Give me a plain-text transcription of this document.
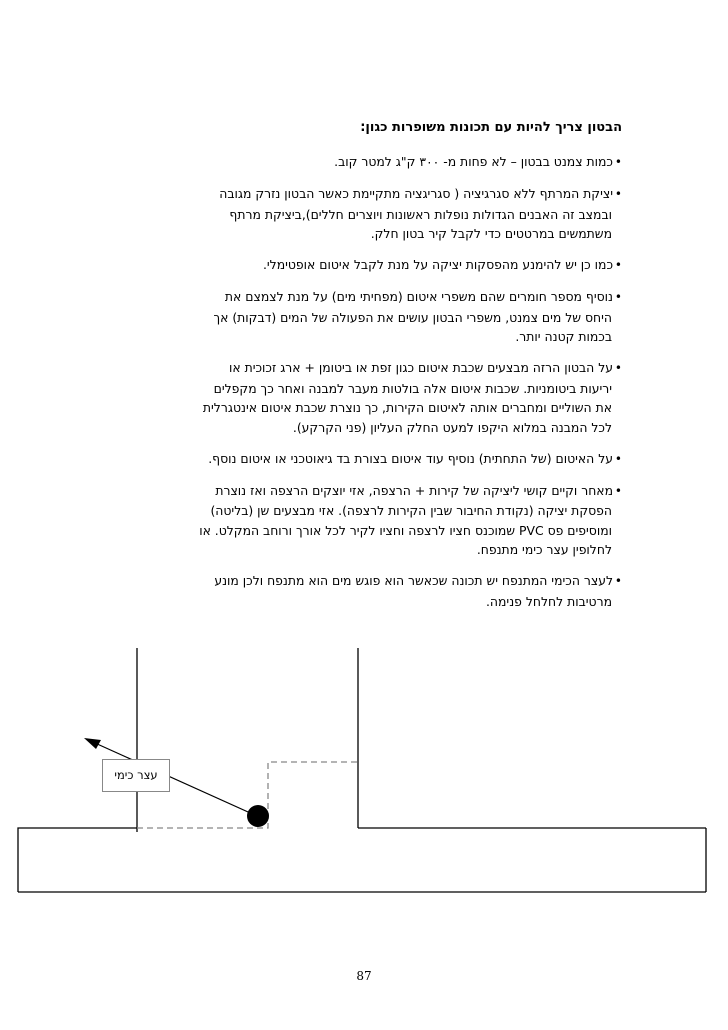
הבטון צריך להיות עם תכונות משופרות כגון:
•כמות צמנט בבטון – לא פחות מ- ٣٠٠ ק"ג למטר קוב.
•יציקת המרתף ללא סגרגיציה ( סגריגציה מתקיימת כאשר הבטון נזרק מגובה
ובמצב זה האבנים הגדולות נופלות ראשונות ויוצרים חללים),ביציקת מרתף
משתמשים במרטטים כדי לקבל קיר בטון חלק.
•כמו כן יש להימנע מהפסקות יציקה על מנת לקבל איטום אופטימלי.
•נוסיף מספר חומרים שהם משפרי איטום (מפחיתי מים) על מנת לצמצם את
היחס של מים צמנט, משפרי הבטון עושים את הפעולה של המים (דבקות) אך
בכמות קטנה יותר.
•על הבטון הרזה מבצעים שכבת איטום כגון זפת או ביטומן + ארג זכוכית או
יריעות ביטומניות. שכבות איטום אלה בולטות מעבר למבנה ואחר כך מקפלים
את השוליים ומחברים אותה לאיטום הקירות, כך נוצרת שכבת איטום אינטגרלית
לכל המבנה במלוא היקפו למעט החלק העליון (פני הקרקע).
•על האיטום (של התחתית) נוסיף עוד איטום בצורת בד גיאוטכני או איטום נוסף.
•מאחר וקיים קושי ליציקה של קירות + הרצפה, אזי יוצקים הרצפה ואז נוצרת
הפסקת יציקה (נקודת החיבור שבין הקירות לרצפה). אזי מבצעים שן (בליטה)
ומוסיפים פס PVC שמוכנס חציו לרצפה וחציו לקיר לכל אורך ורוחב המקלט. או
לחלופין עצר כימי מתנפח.
•לעצר הכימי המתנפח יש תכונה שכאשר הוא פוגש מים הוא מתנפח ולכן מונע
מרטיבות לחלחל פנימה.
עצר כימי
87
